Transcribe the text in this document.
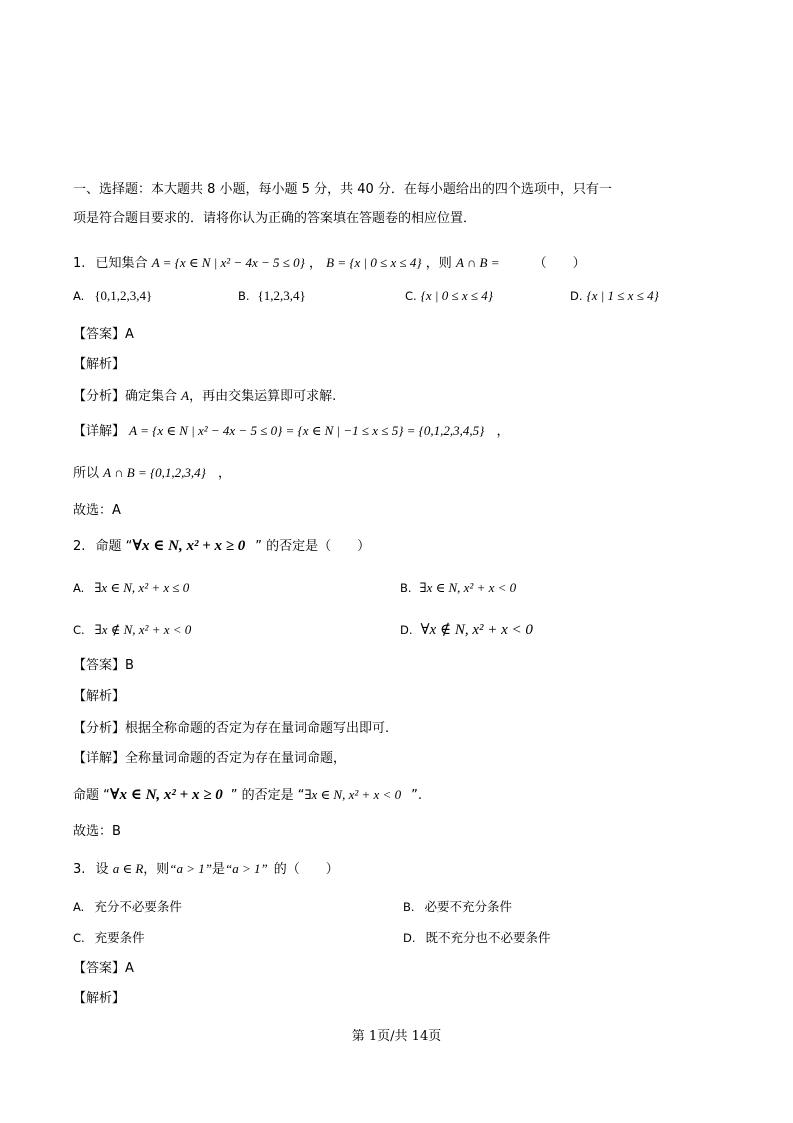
一、选择题：本大题共 8 小题，每小题 5 分，共 40 分．在每小题给出的四个选项中，只有一
项是符合题目要求的．请将你认为正确的答案填在答题卷的相应位置．
1. 已知集合 A = {x ∈ N | x² − 4x − 5 ≤ 0} ， B = {x | 0 ≤ x ≤ 4} ，则 A ∩ B =	（　　）
A. {0,1,2,3,4}	B. {1,2,3,4}	C. {x | 0 ≤ x ≤ 4}	D. {x | 1 ≤ x ≤ 4}
【答案】A
【解析】
【分析】确定集合 A，再由交集运算即可求解.
【详解】 A = {x ∈ N | x² − 4x − 5 ≤ 0} = {x ∈ N | −1 ≤ x ≤ 5} = {0,1,2,3,4,5} ，
所以 A ∩ B = {0,1,2,3,4} ，
故选：A
2. 命题 “∀x ∈ N, x² + x ≥ 0 ” 的否定是（　　）
A. ∃x ∈ N, x² + x ≤ 0	B. ∃x ∈ N, x² + x < 0
C. ∃x ∉ N, x² + x < 0	D. ∀x ∉ N, x² + x < 0
【答案】B
【解析】
【分析】根据全称命题的否定为存在量词命题写出即可.
【详解】全称量词命题的否定为存在量词命题，
命题 “∀x ∈ N, x² + x ≥ 0 ” 的否定是 “∃x ∈ N, x² + x < 0 ”.
故选：B
3. 设 a ∈ R，则“a > 1”是“a > 1” 的（　　）
A. 充分不必要条件	B. 必要不充分条件
C. 充要条件	D. 既不充分也不必要条件
【答案】A
【解析】
第 1页/共 14页
